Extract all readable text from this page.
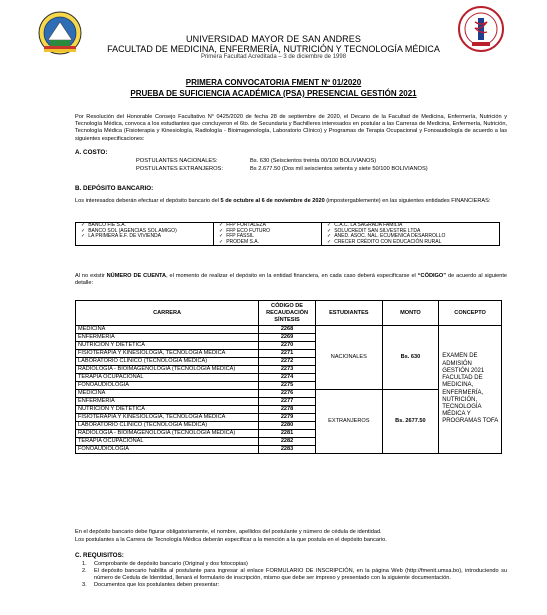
UNIVERSIDAD MAYOR DE SAN ANDRES
FACULTAD DE MEDICINA, ENFERMERÍA, NUTRICIÓN Y TECNOLOGÍA MÉDICA
Primera Facultad Acreditada – 3 de diciembre de 1998
PRIMERA CONVOCATORIA FMENT Nº 01/2020
PRUEBA DE SUFICIENCIA ACADÉMICA (PSA) PRESENCIAL GESTIÓN 2021
Por Resolución del Honorable Consejo Facultativo N° 0425/2020 de fecha 28 de septiembre de 2020, el Decano de la Facultad de Medicina, Enfermería, Nutrición y Tecnología Médica, convoca a los estudiantes que concluyeron el 6to. de Secundaria y Bachilleres interesados en postular a las Carreras de Medicina, Enfermería, Nutrición, Tecnología Médica (Fisioterapia y Kinesiología, Radiología - Bioimagenología, Laboratorio Clínico) y Programas de Terapia Ocupacional y Fonoaudiología de acuerdo a las siguientes especificaciones:
A. COSTO:
POSTULANTES NACIONALES:	Bs. 630 (Seiscientos treinta 00/100 BOLIVIANOS)
POSTULANTES EXTRANJEROS:	Bs 2.677.50 (Dos mil seiscientos setenta y siete 50/100 BOLIVIANOS)
B. DEPÓSITO BANCARIO:
Los interesados deberán efectuar el depósito bancario del 5 de octubre al 6 de noviembre de 2020 (impostergablemente) en las siguientes entidades FINANCIERAS:
✓ BANCO FIE S.A.
✓ BANCO SOL (AGENCIAS SOL AMIGO)
✓ LA PRIMERA E.F. DE VIVIENDA

✓ FFP FORTALEZA
✓ FFP ECO FUTURO
✓ FFP FASSIL
✓ PRODEM S.A.

✓ C.A.C. LA SAGRADA FAMILIA
✓ SOLUCREDIT SAN SILVESTRE LTDA
✓ ANED. ASOC. NAL. ECUMENICA DESARROLLO
✓ CRECER CRÉDITO CON EDUCACIÓN RURAL
Al no existir NÚMERO DE CUENTA, el momento de realizar el depósito en la entidad financiera, en cada caso deberá especificarse el “CÓDIGO” de acuerdo al siguiente detalle:
CARRERA	CÓDIGO DE RECAUDACIÓN SÍNTESIS	ESTUDIANTES	MONTO	CONCEPTO
MEDICINA	2268	NACIONALES	Bs. 630	EXAMEN DE ADMISIÓN GESTIÓN 2021 FACULTAD DE MEDICINA, ENFERMERÍA, NUTRICIÓN, TECNOLOGÍA MÉDICA Y PROGRAMAS TOFA
ENFERMERÍA	2269			
NUTRICIÓN Y DIETÉTICA	2270			
FISIOTERAPIA Y KINESIOLOGÍA, TECNOLOGÍA MÉDICA	2271			
LABORATORIO CLÍNICO (TECNOLOGÍA MÉDICA)	2272			
RADIOLOGÍA - BIOIMAGENOLOGÍA (TECNOLOGÍA MÉDICA)	2273			
TERAPIA OCUPACIONAL	2274			
FONOAUDIOLOGÍA	2275			
MEDICINA	2276	EXTRANJEROS	Bs. 2677.50	
ENFERMERÍA	2277			
NUTRICIÓN Y DIETÉTICA	2278			
FISIOTERAPIA Y KINESIOLOGÍA, TECNOLOGÍA MÉDICA	2279			
LABORATORIO CLÍNICO (TECNOLOGÍA MÉDICA)	2280			
RADIOLOGÍA - BIOIMAGENOLOGÍA (TECNOLOGÍA MÉDICA)	2281			
TERAPIA OCUPACIONAL	2282			
FONOAUDIOLOGÍA	2283			
En el depósito bancario debe figurar obligatoriamente, el nombre, apellidos del postulante y número de cédula de identidad.
Los postulantes a la Carrera de Tecnología Médica deberán especificar a la mención a la que postula en el depósito bancario.
C. REQUISITOS:
1. Comprobante de depósito bancario (Original y dos fotocopias)
2.	El depósito bancario habilita al postulante para ingresar al enlace FORMULARIO DE INSCRIPCIÓN, en la página Web (http://fmenit.umsa.bo), introduciendo su número de Cedula de Identidad, llenará el formulario de inscripción, mismo que debe ser impreso y presentado con la siguiente documentación.
3. Documentos que los postulantes deben presentar:
